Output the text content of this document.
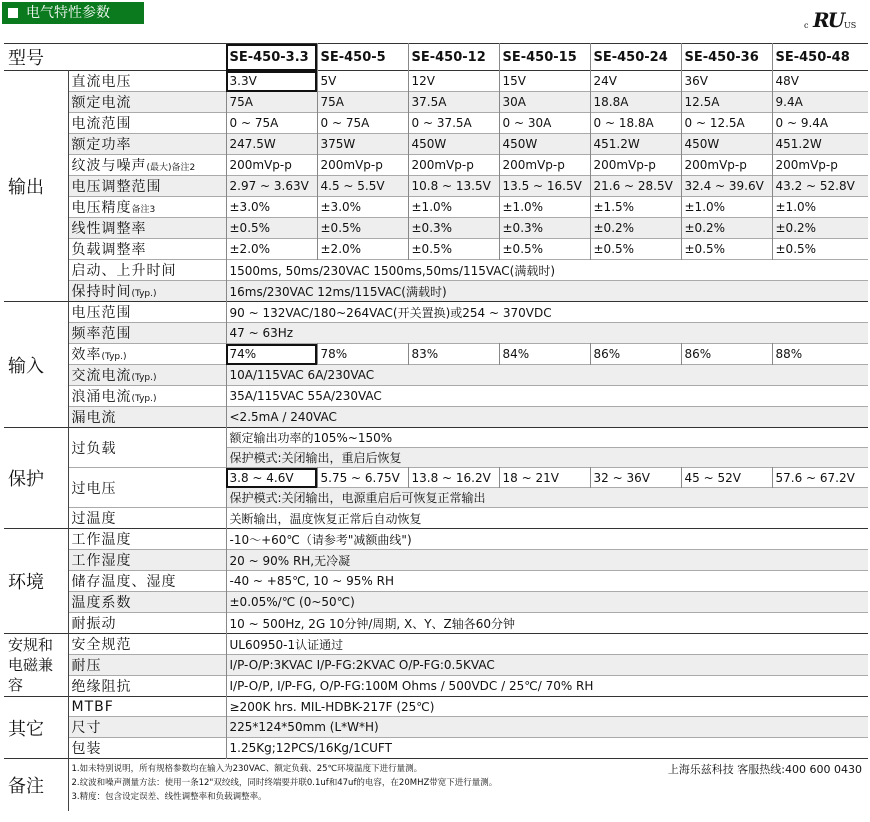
电气特性参数
c RU US
型号		SE-450-3.3	SE-450-5	SE-450-12	SE-450-15	SE-450-24	SE-450-36	SE-450-48
输出	直流电压	3.3V	5V	12V	15V	24V	36V	48V
	额定电流	75A	75A	37.5A	30A	18.8A	12.5A	9.4A
	电流范围	0 ~ 75A	0 ~ 75A	0 ~ 37.5A	0 ~ 30A	0 ~ 18.8A	0 ~ 12.5A	0 ~ 9.4A
	额定功率	247.5W	375W	450W	450W	451.2W	450W	451.2W
	纹波与噪声(最大)备注2	200mVp-p	200mVp-p	200mVp-p	200mVp-p	200mVp-p	200mVp-p	200mVp-p
	电压调整范围	2.97 ~ 3.63V	4.5 ~ 5.5V	10.8 ~ 13.5V	13.5 ~ 16.5V	21.6 ~ 28.5V	32.4 ~ 39.6V	43.2 ~ 52.8V
	电压精度备注3	±3.0%	±3.0%	±1.0%	±1.0%	±1.5%	±1.0%	±1.0%
	线性调整率	±0.5%	±0.5%	±0.3%	±0.3%	±0.2%	±0.2%	±0.2%
	负载调整率	±2.0%	±2.0%	±0.5%	±0.5%	±0.5%	±0.5%	±0.5%
	启动、上升时间	1500ms, 50ms/230VAC 1500ms,50ms/115VAC(满载时)						
	保持时间(Typ.)	16ms/230VAC 12ms/115VAC(满载时)						
输入	电压范围	90 ~ 132VAC/180~264VAC(开关置换)或254 ~ 370VDC						
	频率范围	47 ~ 63Hz						
	效率(Typ.)	74%	78%	83%	84%	86%	86%	88%
	交流电流(Typ.)	10A/115VAC 6A/230VAC						
	浪涌电流(Typ.)	35A/115VAC 55A/230VAC						
	漏电流	<2.5mA / 240VAC						
保护	过负载	额定输出功率的105%~150%						
		保护模式:关闭输出，重启后恢复						
	过电压	3.8 ~ 4.6V	5.75 ~ 6.75V	13.8 ~ 16.2V	18 ~ 21V	32 ~ 36V	45 ~ 52V	57.6 ~ 67.2V
		保护模式:关闭输出，电源重启后可恢复正常输出						
	过温度	关断输出，温度恢复正常后自动恢复						
环境	工作温度	-10～+60℃（请参考"减额曲线")						
	工作湿度	20 ~ 90% RH,无冷凝						
	储存温度、湿度	-40 ~ +85℃, 10 ~ 95% RH						
	温度系数	±0.05%/℃ (0~50℃)						
	耐振动	10 ~ 500Hz, 2G 10分钟/周期, X、Y、Z轴各60分钟						
安规和
电磁兼容	安全规范	UL60950-1认证通过						
	耐压	I/P-O/P:3KVAC I/P-FG:2KVAC O/P-FG:0.5KVAC						
	绝缘阻抗	I/P-O/P, I/P-FG, O/P-FG:100M Ohms / 500VDC / 25℃/ 70% RH						
其它	MTBF	≥200K hrs. MIL-HDBK-217F (25℃)						
	尺寸	225*124*50mm (L*W*H)						
	包装	1.25Kg;12PCS/16Kg/1CUFT						
备注	1.如未特别说明，所有规格参数均在输入为230VAC、额定负载、25℃环境温度下进行量测。
2.纹波和噪声测量方法：使用一条12"双绞线，同时终端要并联0.1uf和47uf的电容，在20MHZ带宽下进行量测。
3.精度：包含设定误差、线性调整率和负载调整率。
上海乐兹科技 客服热线:400 600 0430							
